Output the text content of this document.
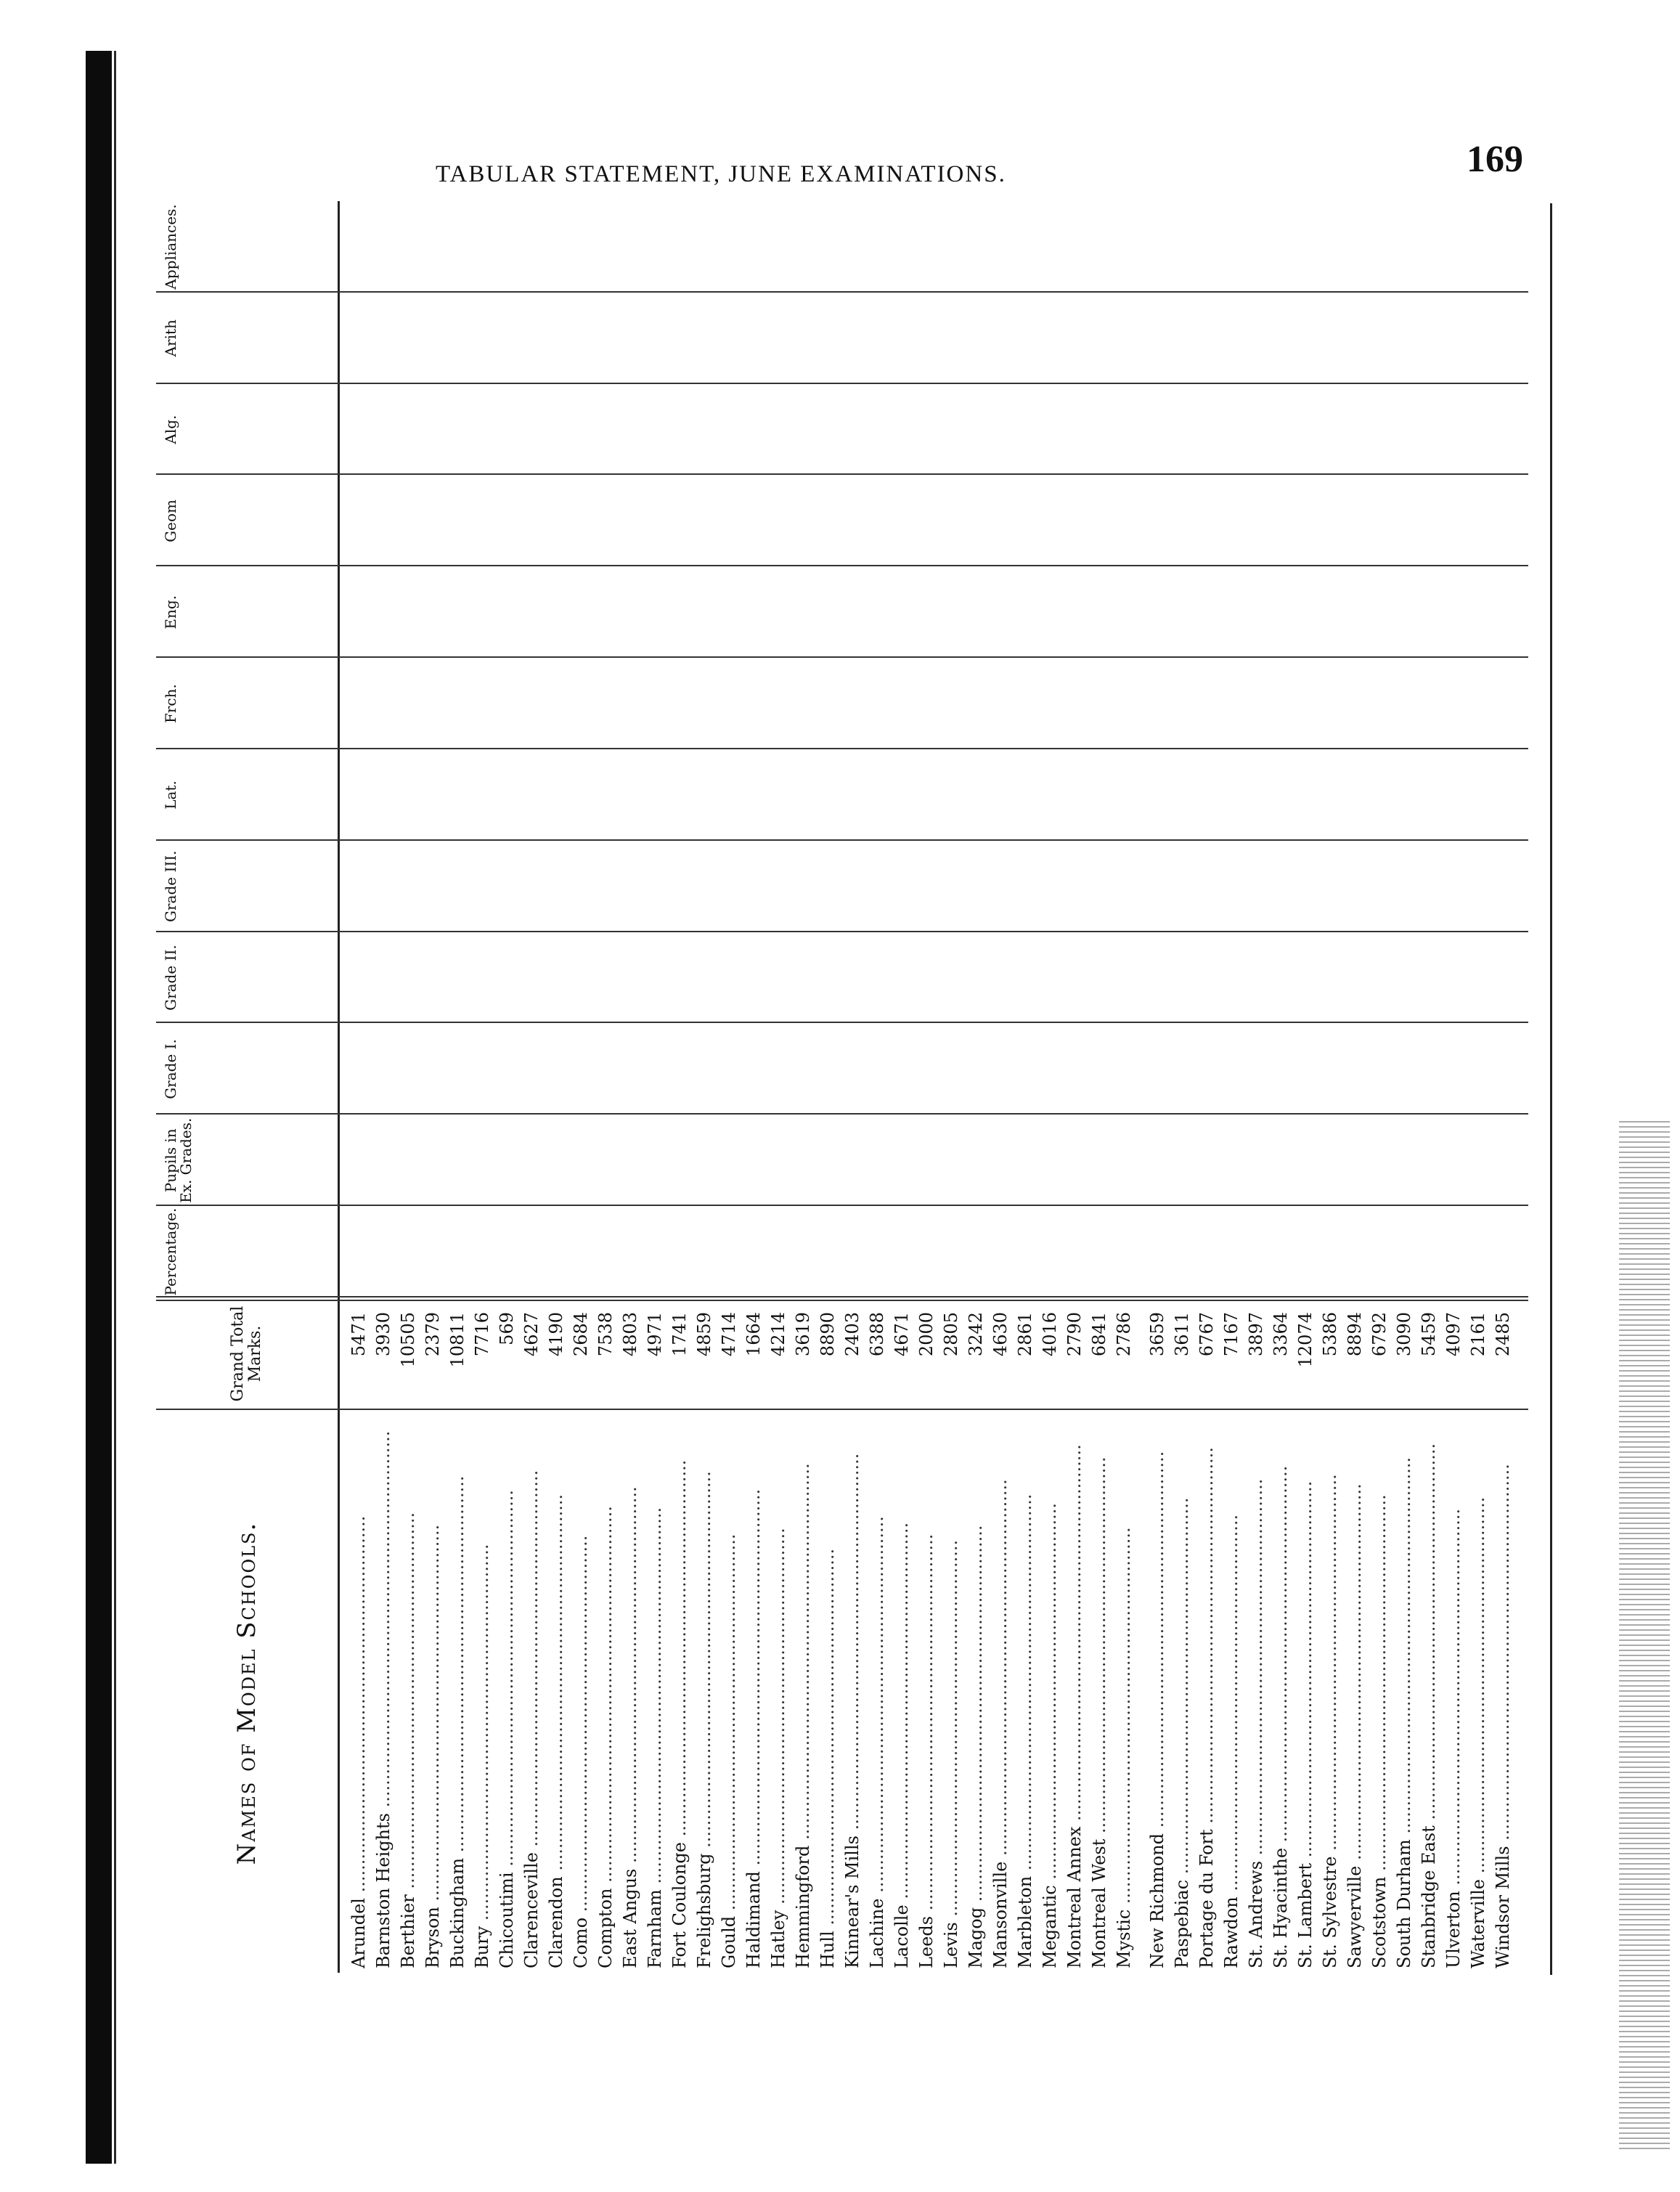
TABULAR STATEMENT, JUNE EXAMINATIONS.	169
Names of Model Schools.
Grand Total Marks.
Percentage.
Pupils in Ex. Grades.
Grade I.
Grade II.
Grade III.
Lat.
Frch.
Eng.
Geom
Alg.
Arith
Appliances.
Arundel .....
5471
Barnston Heights .....
3930
Berthier .....
10505
Bryson .....
2379
Buckingham .....
10811
Bury .....
7716
Chicoutimi .....
569
Clarenceville .....
4627
Clarendon .....
4190
Como .....
2684
Compton .....
7538
East Angus .....
4803
Farnham .....
4971
Fort Coulonge .....
1741
Frelighsburg .....
4859
Gould .....
4714
Haldimand .....
1664
Hatley .....
4214
Hemmingford .....
3619
Hull .....
8890
Kinnear's Mills .....
2403
Lachine .....
6388
Lacolle .....
4671
Leeds .....
2000
Levis .....
2805
Magog .....
3242
Mansonville .....
4630
Marbleton .....
2861
Megantic .....
4016
Montreal Annex .....
2790
Montreal West .....
6841
Mystic .....
2786
New Richmond .....
3659
Paspebiac .....
3611
Portage du Fort .....
6767
Rawdon .....
7167
St. Andrews .....
3897
St. Hyacinthe .....
3364
St. Lambert .....
12074
St. Sylvestre .....
5386
Sawyerville .....
8894
Scotstown .....
6792
South Durham .....
3090
Stanbridge East .....
5459
Ulverton .....
4097
Waterville .....
2161
Windsor Mills .....
2485
